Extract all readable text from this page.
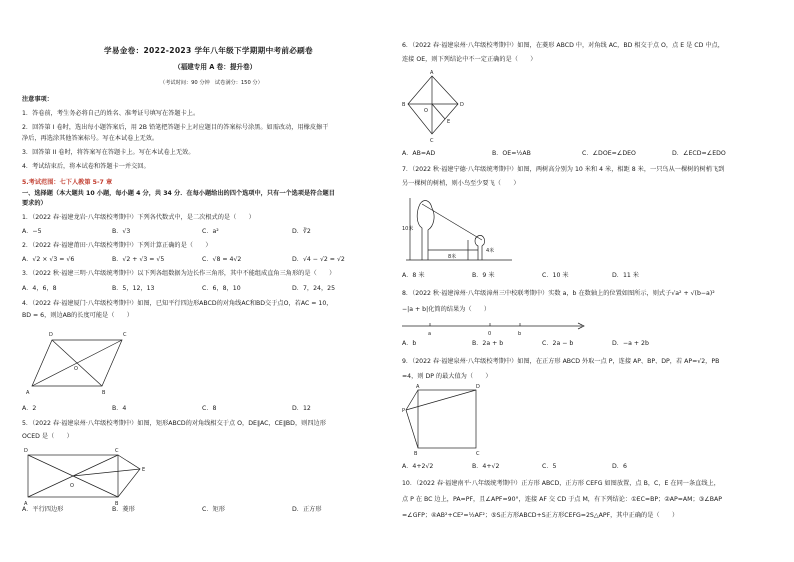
学易金卷：2022-2023 学年八年级下学期期中考前必刷卷
（福建专用 A 卷：提升卷）
（考试时间：90 分钟　试卷满分：150 分）
注意事项：
1．答卷前，考生务必将自己的姓名、准考证号填写在答题卡上。
2．回答第 I 卷时，选出每小题答案后，用 2B 铅笔把答题卡上对应题目的答案标号涂黑。如需改动，用橡皮擦干
净后，再选涂其他答案标号。写在本试卷上无效。
3．回答第 II 卷时，将答案写在答题卡上。写在本试卷上无效。
4．考试结束后，将本试卷和答题卡一并交回。
5.考试范围：七下人教第 5-7 章
一、选择题（本大题共 10 小题，每小题 4 分，共 34 分．在每小题给出的四个选项中，只有一个选项是符合题目
要求的）
1．（2022 春·福建龙岩·八年级校考期中）下列各代数式中，是二次根式的是（　　）
A．−5	B．√3	C．a²	D．∛2
2．（2022 春·福建莆田·八年级校考期中）下列计算正确的是（　　）
A．√2 × √3 = √6	B．√2 + √3 = √5	C．√8 = 4√2	D．√4 − √2 = √2
3．（2022 秋·福建三明·八年级统考期中）以下列各组数据为边长作三角形，其中不能组成直角三角形的是（　　）
A．4，6，8	B．5，12，13	C．6，8，10	D．7，24，25
4．（2022 春·福建厦门·八年级校考期中）如图，已知平行四边形ABCD的对角线AC和BD交于点O，若AC = 10，
BD = 6，则边AB的长度可能是（　　）
D	C
O
A	B
A．2	B．4	C．8	D．12
5．（2022 春·福建泉州·八年级校考期中）如图，矩形ABCD的对角线相交于点 O，DE∥AC，CE∥BD，则四边形
OCED 是（　　）
D	C
O
A	B
E
A．平行四边形	B．菱形	C．矩形	D．正方形
6．（2022 春·福建泉州·八年级校考期中）如图，在菱形 ABCD 中，对角线 AC，BD 相交于点 O，点 E 是 CD 中点，
连接 OE，则下列结论中不一定正确的是（　　）
A
B
O
D
E
C
A．AB=AD	B．OE=½AB	C．∠DOE=∠DEO	D．∠ECD=∠EDO
7．（2022 秋·福建宁德·八年级统考期中）如图，两树高分别为 10 米和 4 米，相距 8 米，一只鸟从一棵树的树梢飞到
另一棵树的树梢，则小鸟至少要飞（　　）
10米
4米
8米
A．8 米	B．9 米	C．10 米	D．11 米
8．（2022 秋·福建漳州·八年级漳州三中校联考期中）实数 a，b 在数轴上的位置如图所示，则式子√a² + √(b−a)²
−|a + b|化简的结果为（　　）
a	0	b
A．b	B．2a + b	C．2a − b	D．−a + 2b
9．（2022 春·福建泉州·八年级校考期中）如图，在正方形 ABCD 外取一点 P，连接 AP、BP、DP，若 AP=√2，PB
=4，则 DP 的最大值为（　　）
A	D
P
B	C
A．4+2√2	B．4+√2	C．5	D．6
10．（2022 春·福建南平·八年级统考期中）正方形 ABCD，正方形 CEFG 如图放置，点 B，C，E 在同一条直线上，
点 P 在 BC 边上，PA=PF，且∠APF=90°，连接 AF 交 CD 于点 M，有下列结论：①EC=BP；②AP=AM；③∠BAP
=∠GFP；④AB²+CE²=½AF²；⑤S正方形ABCD+S正方形CEFG=2S△APF，其中正确的是（　　）
